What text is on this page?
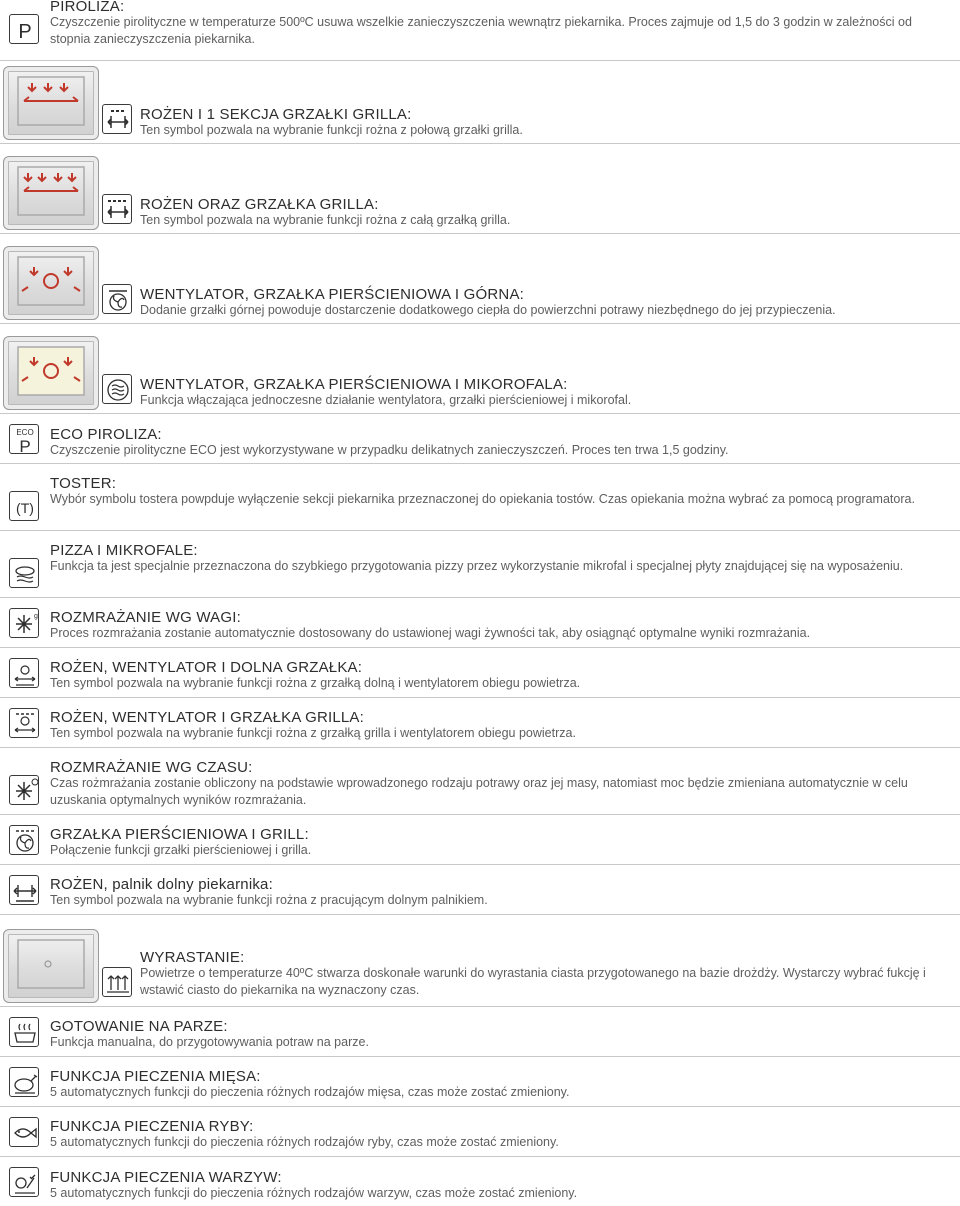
P
PIROLIZA:
Czyszczenie pirolityczne w temperaturze 500ºC usuwa wszelkie zanieczyszczenia wewnątrz piekarnika. Proces zajmuje od 1,5 do 3 godzin w zależności od stopnia zanieczyszczenia piekarnika.
ROŻEN I 1 SEKCJA GRZAŁKI GRILLA:
Ten symbol pozwala na wybranie funkcji rożna z połową grzałki grilla.
ROŻEN ORAZ GRZAŁKA GRILLA:
Ten symbol pozwala na wybranie funkcji rożna z całą grzałką grilla.
WENTYLATOR, GRZAŁKA PIERŚCIENIOWA I GÓRNA:
Dodanie grzałki górnej powoduje dostarczenie dodatkowego ciepła do powierzchni potrawy niezbędnego do jej przypieczenia.
WENTYLATOR, GRZAŁKA PIERŚCIENIOWA I MIKOROFALA:
Funkcja włączająca jednoczesne działanie wentylatora, grzałki pierścieniowej i mikorofal.
ECO
P
ECO PIROLIZA:
Czyszczenie pirolityczne ECO jest wykorzystywane w przypadku delikatnych zanieczyszczeń. Proces ten trwa 1,5 godziny.
(T)
TOSTER:
Wybór symbolu tostera powpduje wyłączenie sekcji piekarnika przeznaczonej do opiekania tostów. Czas opiekania można wybrać za pomocą programatora.
PIZZA I MIKROFALE:
Funkcja ta jest specjalnie przeznaczona do szybkiego przygotowania pizzy przez wykorzystanie mikrofal i specjalnej płyty znajdującej się na wyposażeniu.
g ROZMRAŻANIE WG WAGI:
Proces rozmrażania zostanie automatycznie dostosowany do ustawionej wagi żywności tak, aby osiągnąć optymalne wyniki rozmrażania.
ROŻEN, WENTYLATOR I DOLNA GRZAŁKA:
Ten symbol pozwala na wybranie funkcji rożna z grzałką dolną i wentylatorem obiegu powietrza.
ROŻEN, WENTYLATOR I GRZAŁKA GRILLA:
Ten symbol pozwala na wybranie funkcji rożna z grzałką grilla i wentylatorem obiegu powietrza.
ROZMRAŻANIE WG CZASU:
Czas rożmrażania zostanie obliczony na podstawie wprowadzonego rodzaju potrawy oraz jej masy, natomiast moc będzie zmieniana automatycznie w celu uzuskania optymalnych wyników rozmrażania.
GRZAŁKA PIERŚCIENIOWA I GRILL:
Połączenie funkcji grzałki pierścieniowej i grilla.
ROŻEN, palnik dolny piekarnika:
Ten symbol pozwala na wybranie funkcji rożna z pracującym dolnym palnikiem.
WYRASTANIE:
Powietrze o temperaturze 40ºC stwarza doskonałe warunki do wyrastania ciasta przygotowanego na bazie drożdży. Wystarczy wybrać fukcję i wstawić ciasto do piekarnika na wyznaczony czas.
GOTOWANIE NA PARZE:
Funkcja manualna, do przygotowywania potraw na parze.
FUNKCJA PIECZENIA MIĘSA:
5 automatycznych funkcji do pieczenia różnych rodzajów mięsa, czas może zostać zmieniony.
FUNKCJA PIECZENIA RYBY:
5 automatycznych funkcji do pieczenia różnych rodzajów ryby, czas może zostać zmieniony.
FUNKCJA PIECZENIA WARZYW:
5 automatycznych funkcji do pieczenia różnych rodzajów warzyw, czas może zostać zmieniony.
